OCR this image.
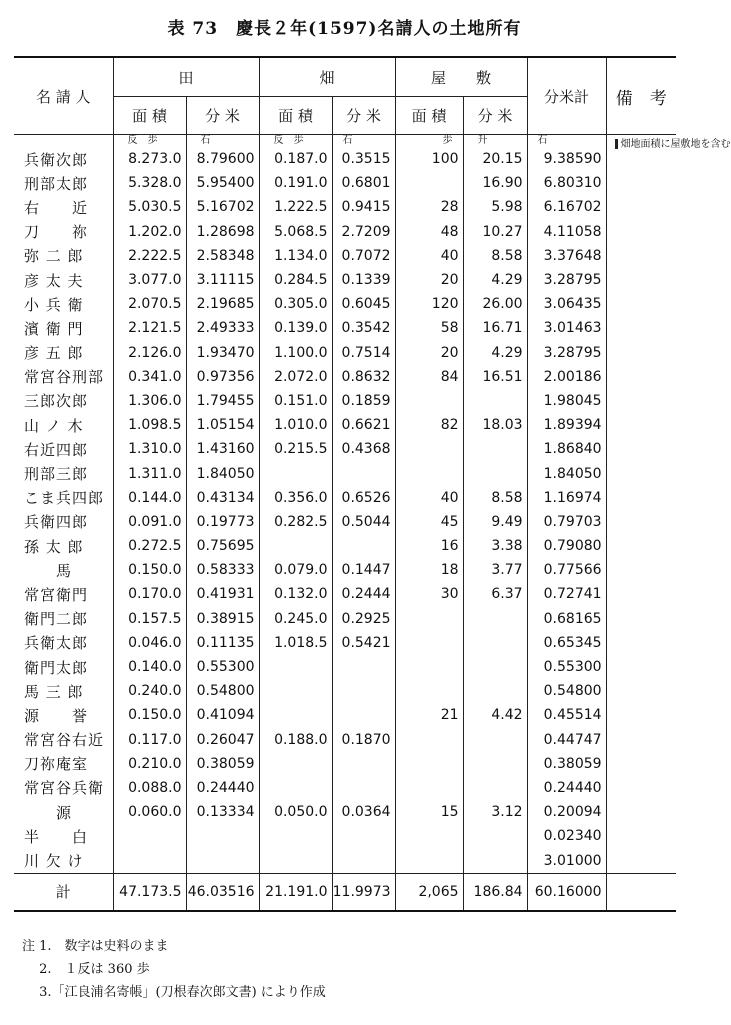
表 73　慶長２年(1597)名請人の土地所有
名 請 人	田		畑		屋　　敷		分米計	備　考
	面 積	分 米	面 積	分 米	面 積	分 米		
	反　歩	石	反　歩	石	歩	升	石	畑地面積に屋敷地を含む
兵衛次郎	8.273.0	8.79600	0.187.0	0.3515	100	20.15	9.38590	
刑部太郎	5.328.0	5.95400	0.191.0	0.6801		16.90	6.80310	
右　　近	5.030.5	5.16702	1.222.5	0.9415	28	5.98	6.16702	
刀　　祢	1.202.0	1.28698	5.068.5	2.7209	48	10.27	4.11058	
弥 二 郎	2.222.5	2.58348	1.134.0	0.7072	40	8.58	3.37648	
彦 太 夫	3.077.0	3.11115	0.284.5	0.1339	20	4.29	3.28795	
小 兵 衛	2.070.5	2.19685	0.305.0	0.6045	120	26.00	3.06435	
濱 衛 門	2.121.5	2.49333	0.139.0	0.3542	58	16.71	3.01463	
彦 五 郎	2.126.0	1.93470	1.100.0	0.7514	20	4.29	3.28795	
常宮谷刑部	0.341.0	0.97356	2.072.0	0.8632	84	16.51	2.00186	
三郎次郎	1.306.0	1.79455	0.151.0	0.1859			1.98045	
山 ノ 木	1.098.5	1.05154	1.010.0	0.6621	82	18.03	1.89394	
右近四郎	1.310.0	1.43160	0.215.5	0.4368			1.86840	
刑部三郎	1.311.0	1.84050					1.84050	
こま兵四郎	0.144.0	0.43134	0.356.0	0.6526	40	8.58	1.16974	
兵衛四郎	0.091.0	0.19773	0.282.5	0.5044	45	9.49	0.79703	
孫 太 郎	0.272.5	0.75695			16	3.38	0.79080	
　　馬	0.150.0	0.58333	0.079.0	0.1447	18	3.77	0.77566	
常宮衛門	0.170.0	0.41931	0.132.0	0.2444	30	6.37	0.72741	
衛門二郎	0.157.5	0.38915	0.245.0	0.2925			0.68165	
兵衛太郎	0.046.0	0.11135	1.018.5	0.5421			0.65345	
衛門太郎	0.140.0	0.55300					0.55300	
馬 三 郎	0.240.0	0.54800					0.54800	
源　　誉	0.150.0	0.41094			21	4.42	0.45514	
常宮谷右近	0.117.0	0.26047	0.188.0	0.1870			0.44747	
刀祢庵室	0.210.0	0.38059					0.38059	
常宮谷兵衛	0.088.0	0.24440					0.24440	
　　源	0.060.0	0.13334	0.050.0	0.0364	15	3.12	0.20094	
半　　白							0.02340	
川 欠 け							3.01000	
計	47.173.5	46.03516	21.191.0	11.9973	2,065	186.84	60.16000	
注 1.　数字は史料のまま
　 2.　１反は 360 歩
　 3.「江良浦名寄帳」(刀根春次郎文書) により作成
